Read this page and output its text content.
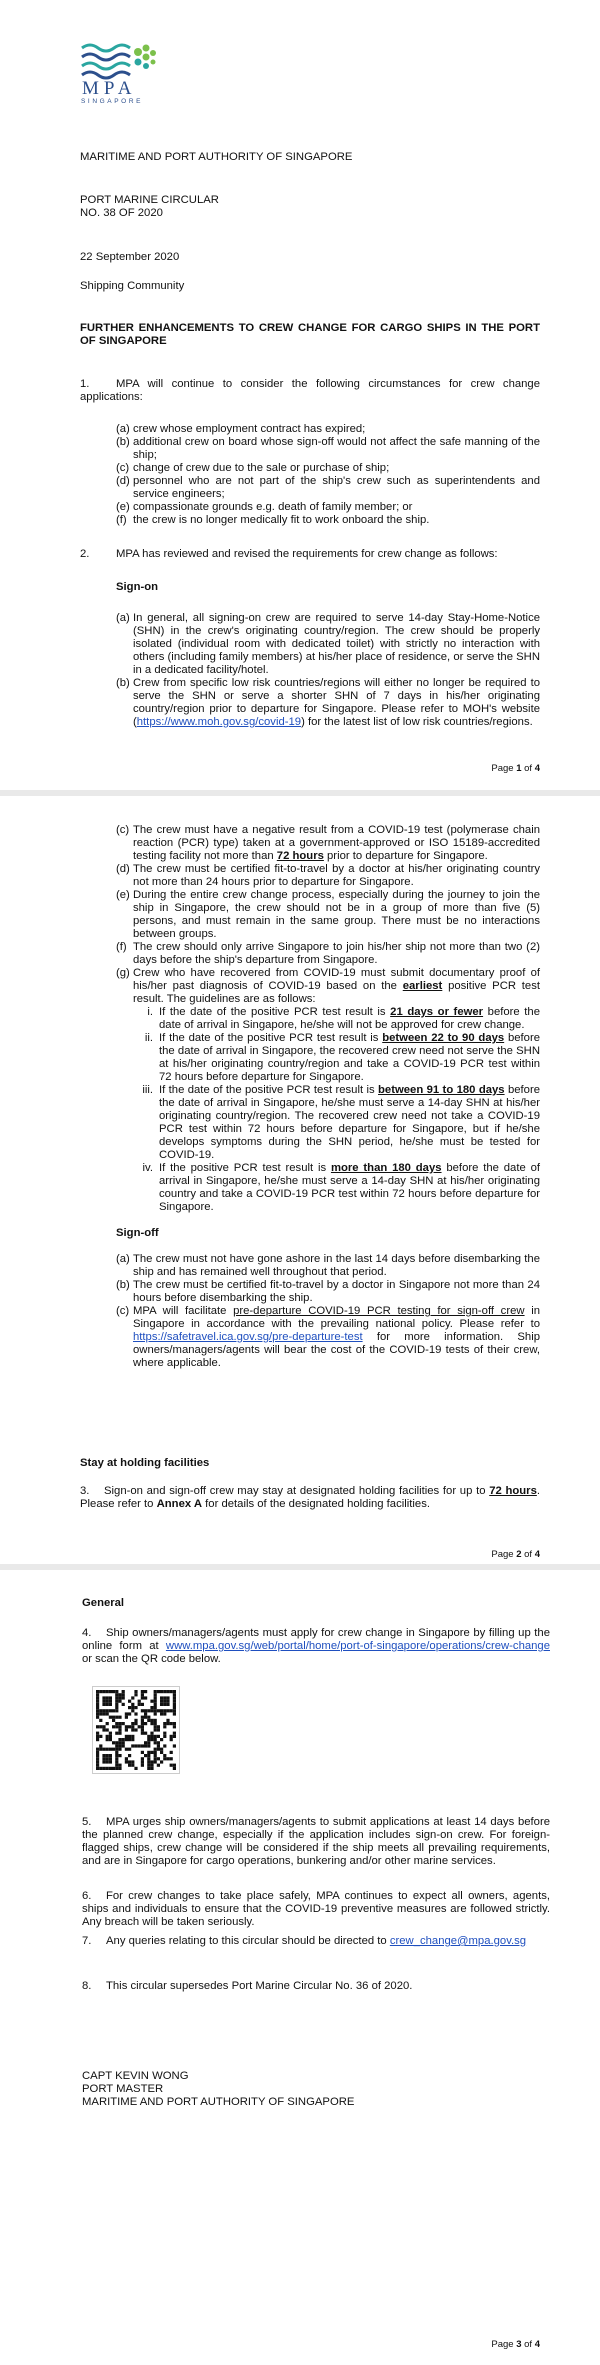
MPA
SINGAPORE
MARITIME AND PORT AUTHORITY OF SINGAPORE
PORT MARINE CIRCULAR
NO. 38 OF 2020
22 September 2020
Shipping Community
FURTHER ENHANCEMENTS TO CREW CHANGE FOR CARGO SHIPS IN THE PORT OF SINGAPORE
1. MPA will continue to consider the following circumstances for crew change applications:
(a) crew whose employment contract has expired;
(b) additional crew on board whose sign-off would not affect the safe manning of the ship;
(c) change of crew due to the sale or purchase of ship;
(d) personnel who are not part of the ship's crew such as superintendents and service engineers;
(e) compassionate grounds e.g. death of family member; or
(f) the crew is no longer medically fit to work onboard the ship.
2. MPA has reviewed and revised the requirements for crew change as follows:
Sign-on
(a) In general, all signing-on crew are required to serve 14-day Stay-Home-Notice (SHN) in the crew's originating country/region. The crew should be properly isolated (individual room with dedicated toilet) with strictly no interaction with others (including family members) at his/her place of residence, or serve the SHN in a dedicated facility/hotel.
(b) Crew from specific low risk countries/regions will either no longer be required to serve the SHN or serve a shorter SHN of 7 days in his/her originating country/region prior to departure for Singapore. Please refer to MOH's website (https://www.moh.gov.sg/covid-19) for the latest list of low risk countries/regions.
Page 1 of 4
(c) The crew must have a negative result from a COVID-19 test (polymerase chain reaction (PCR) type) taken at a government-approved or ISO 15189-accredited testing facility not more than 72 hours prior to departure for Singapore.
(d) The crew must be certified fit-to-travel by a doctor at his/her originating country not more than 24 hours prior to departure for Singapore.
(e) During the entire crew change process, especially during the journey to join the ship in Singapore, the crew should not be in a group of more than five (5) persons, and must remain in the same group. There must be no interactions between groups.
(f) The crew should only arrive Singapore to join his/her ship not more than two (2) days before the ship's departure from Singapore.
(g) Crew who have recovered from COVID-19 must submit documentary proof of his/her past diagnosis of COVID-19 based on the earliest positive PCR test result. The guidelines are as follows:
i. If the date of the positive PCR test result is 21 days or fewer before the date of arrival in Singapore, he/she will not be approved for crew change.
ii. If the date of the positive PCR test result is between 22 to 90 days before the date of arrival in Singapore, the recovered crew need not serve the SHN at his/her originating country/region and take a COVID-19 PCR test within 72 hours before departure for Singapore.
iii. If the date of the positive PCR test result is between 91 to 180 days before the date of arrival in Singapore, he/she must serve a 14-day SHN at his/her originating country/region. The recovered crew need not take a COVID-19 PCR test within 72 hours before departure for Singapore, but if he/she develops symptoms during the SHN period, he/she must be tested for COVID-19.
iv. If the positive PCR test result is more than 180 days before the date of arrival in Singapore, he/she must serve a 14-day SHN at his/her originating country and take a COVID-19 PCR test within 72 hours before departure for Singapore.
Sign-off
(a) The crew must not have gone ashore in the last 14 days before disembarking the ship and has remained well throughout that period.
(b) The crew must be certified fit-to-travel by a doctor in Singapore not more than 24 hours before disembarking the ship.
(c) MPA will facilitate pre-departure COVID-19 PCR testing for sign-off crew in Singapore in accordance with the prevailing national policy. Please refer to https://safetravel.ica.gov.sg/pre-departure-test for more information. Ship owners/managers/agents will bear the cost of the COVID-19 tests of their crew, where applicable.
Stay at holding facilities
3. Sign-on and sign-off crew may stay at designated holding facilities for up to 72 hours. Please refer to Annex A for details of the designated holding facilities.
Page 2 of 4
General
4. Ship owners/managers/agents must apply for crew change in Singapore by filling up the online form at www.mpa.gov.sg/web/portal/home/port-of-singapore/operations/crew-change or scan the QR code below.
5. MPA urges ship owners/managers/agents to submit applications at least 14 days before the planned crew change, especially if the application includes sign-on crew. For foreign-flagged ships, crew change will be considered if the ship meets all prevailing requirements, and are in Singapore for cargo operations, bunkering and/or other marine services.
6. For crew changes to take place safely, MPA continues to expect all owners, agents, ships and individuals to ensure that the COVID-19 preventive measures are followed strictly. Any breach will be taken seriously.
7. Any queries relating to this circular should be directed to crew_change@mpa.gov.sg
8. This circular supersedes Port Marine Circular No. 36 of 2020.
CAPT KEVIN WONG
PORT MASTER
MARITIME AND PORT AUTHORITY OF SINGAPORE
Page 3 of 4
